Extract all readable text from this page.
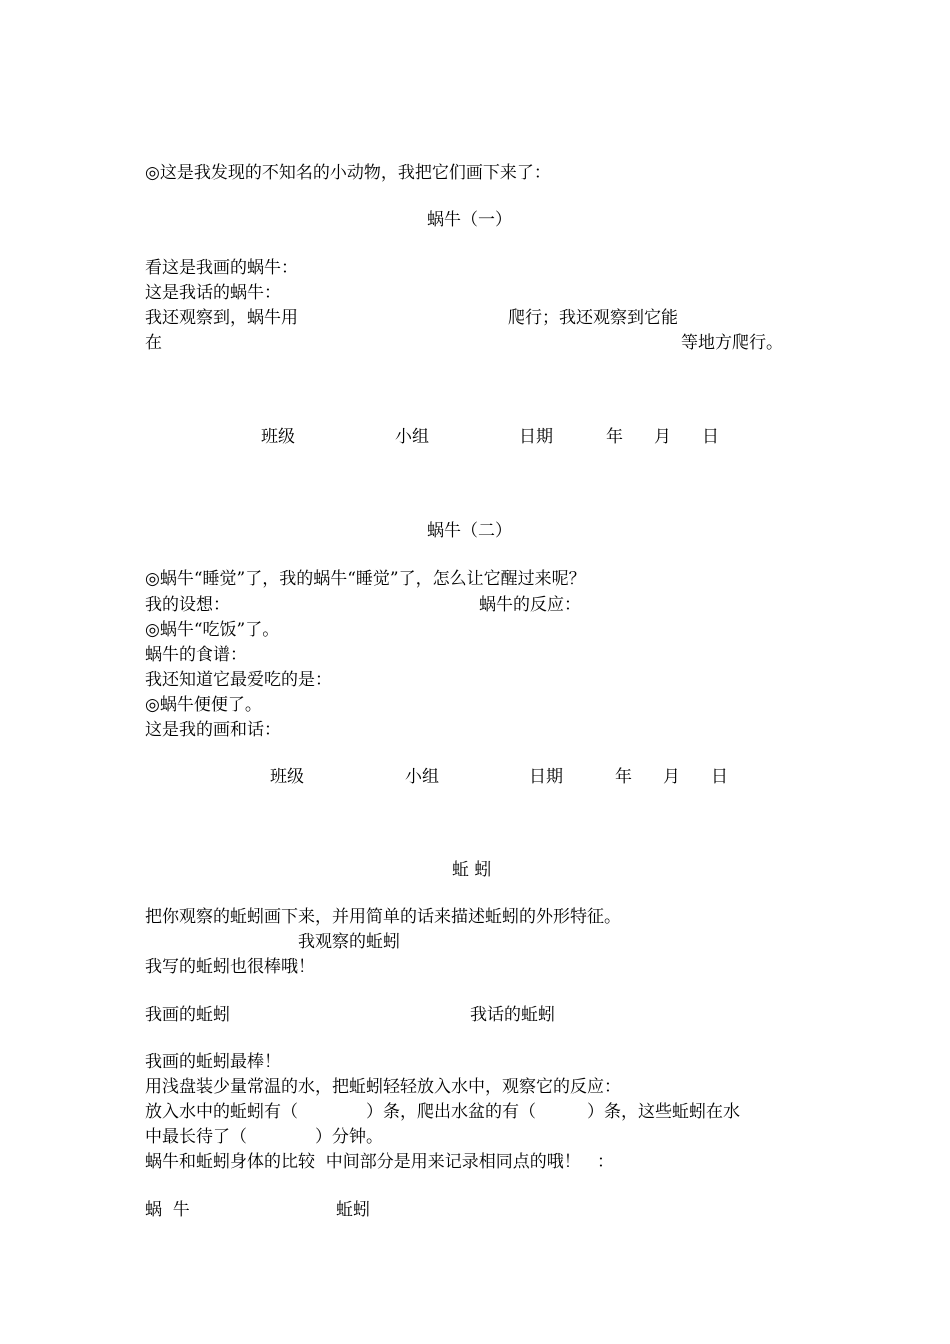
◎这是我发现的不知名的小动物，我把它们画下来了：
蜗牛（一）
看这是我画的蜗牛：
这是我话的蜗牛：
我还观察到，蜗牛用	爬行；我还观察到它能
在	等地方爬行。
班级	小组	日期	年 月 日
蜗牛（二）
◎蜗牛“睡觉”了，我的蜗牛“睡觉”了，怎么让它醒过来呢？
我的设想：	蜗牛的反应：
◎蜗牛“吃饭”了。
蜗牛的食谱：
我还知道它最爱吃的是：
◎蜗牛便便了。
这是我的画和话：
班级	小组	日期	年 月 日
蚯 蚓
把你观察的蚯蚓画下来，并用简单的话来描述蚯蚓的外形特征。
我观察的蚯蚓
我写的蚯蚓也很棒哦！
我画的蚯蚓	我话的蚯蚓
我画的蚯蚓最棒！
用浅盘装少量常温的水，把蚯蚓轻轻放入水中，观察它的反应：
放入水中的蚯蚓有（　　　　）条，爬出水盆的有（　　　）条，这些蚯蚓在水
中最长待了（　　　　）分钟。
蜗牛和蚯蚓身体的比较  中间部分是用来记录相同点的哦！   ：
蜗  牛	蚯蚓
